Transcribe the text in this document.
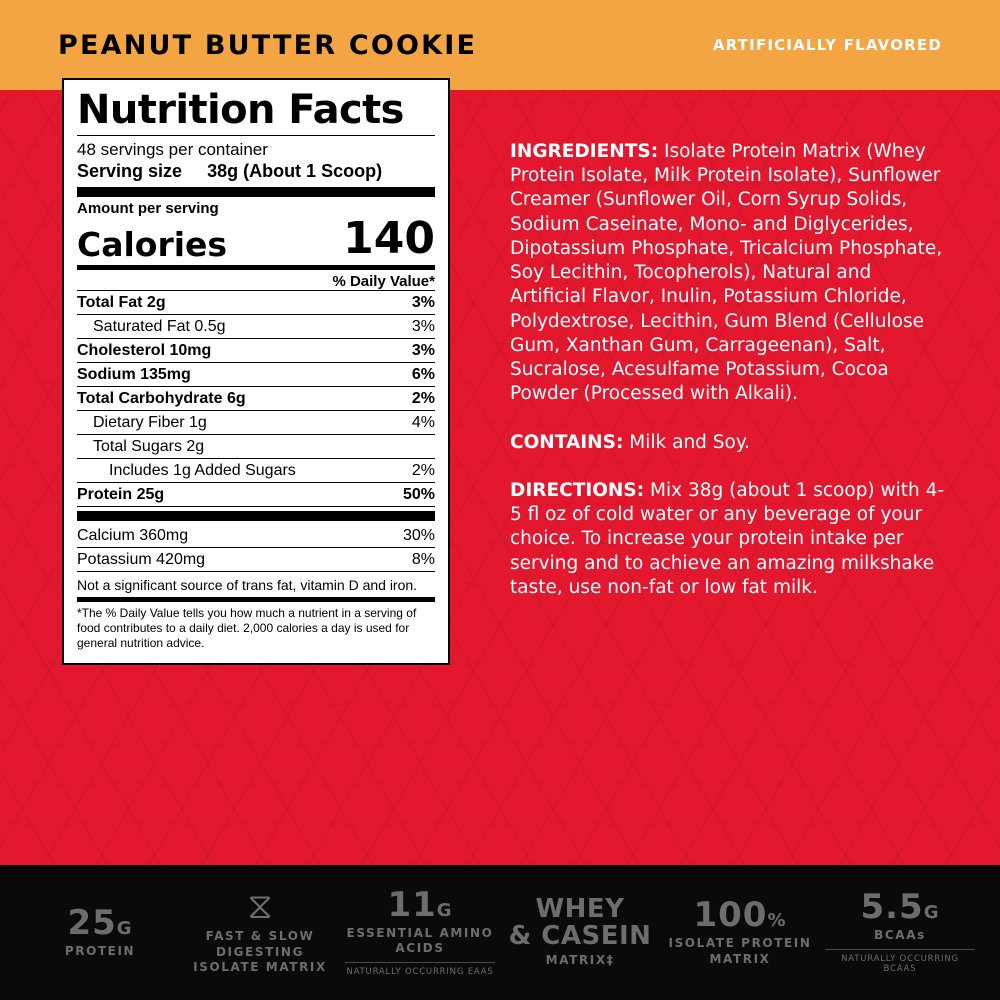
PEANUT BUTTER COOKIE	ARTIFICIALLY FLAVORED
Nutrition Facts
48 servings per container
Serving size 38g (About 1 Scoop)
Amount per serving
Calories	140
% Daily Value*
Total Fat 2g	3%
Saturated Fat 0.5g	3%
Cholesterol 10mg	3%
Sodium 135mg	6%
Total Carbohydrate 6g	2%
Dietary Fiber 1g	4%
Total Sugars 2g
Includes 1g Added Sugars	2%
Protein 25g	50%
Calcium 360mg	30%
Potassium 420mg	8%
Not a significant source of trans fat, vitamin D and iron.
*The % Daily Value tells you how much a nutrient in a serving of food contributes to a daily diet. 2,000 calories a day is used for general nutrition advice.

INGREDIENTS: Isolate Protein Matrix (Whey Protein Isolate, Milk Protein Isolate), Sunflower Creamer (Sunflower Oil, Corn Syrup Solids, Sodium Caseinate, Mono- and Diglycerides, Dipotassium Phosphate, Tricalcium Phosphate, Soy Lecithin, Tocopherols), Natural and Artificial Flavor, Inulin, Potassium Chloride, Polydextrose, Lecithin, Gum Blend (Cellulose Gum, Xanthan Gum, Carrageenan), Salt, Sucralose, Acesulfame Potassium, Cocoa Powder (Processed with Alkali).

CONTAINS: Milk and Soy.

DIRECTIONS: Mix 38g (about 1 scoop) with 4-5 fl oz of cold water or any beverage of your choice. To increase your protein intake per serving and to achieve an amazing milkshake taste, use non-fat or low fat milk.

25G
PROTEIN
⧖
FAST & SLOW DIGESTING ISOLATE MATRIX
11G
ESSENTIAL AMINO ACIDS
NATURALLY OCCURRING EAAS
WHEY
& CASEIN
MATRIX‡
100%
ISOLATE PROTEIN MATRIX
5.5G
BCAAs
NATURALLY OCCURRING BCAAS
